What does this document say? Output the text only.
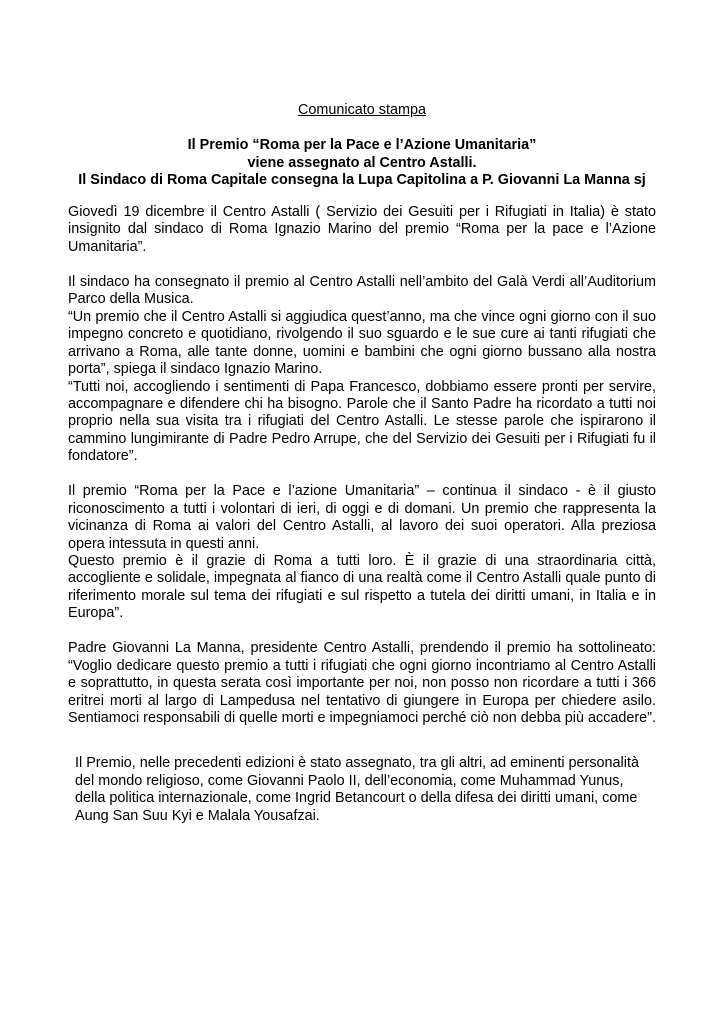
Comunicato stampa
Il Premio “Roma per la Pace e l’Azione Umanitaria”
viene assegnato al Centro Astalli.
Il Sindaco di Roma Capitale consegna la Lupa Capitolina a P. Giovanni La Manna sj

Giovedì 19 dicembre il Centro Astalli ( Servizio dei Gesuiti per i Rifugiati in Italia) è stato insignito dal sindaco di Roma Ignazio Marino del premio “Roma per la pace e l’Azione Umanitaria”.

Il sindaco ha consegnato il premio al Centro Astalli nell’ambito del Galà Verdi all’Auditorium Parco della Musica.

“Un premio che il Centro Astalli si aggiudica quest’anno, ma che vince ogni giorno con il suo impegno concreto e quotidiano, rivolgendo il suo sguardo e le sue cure ai tanti rifugiati che arrivano a Roma, alle tante donne, uomini e bambini che ogni giorno bussano alla nostra porta”, spiega il sindaco Ignazio Marino.

“Tutti noi, accogliendo i sentimenti di Papa Francesco, dobbiamo essere pronti per servire, accompagnare e difendere chi ha bisogno. Parole che il Santo Padre ha ricordato a tutti noi proprio nella sua visita tra i rifugiati del Centro Astalli. Le stesse parole che ispirarono il cammino lungimirante di Padre Pedro Arrupe, che del Servizio dei Gesuiti per i Rifugiati fu il fondatore”.

Il premio “Roma per la Pace e l’azione Umanitaria” – continua il sindaco - è il giusto riconoscimento a tutti i volontari di ieri, di oggi e di domani. Un premio che rappresenta la vicinanza di Roma ai valori del Centro Astalli, al lavoro dei suoi operatori. Alla preziosa opera intessuta in questi anni.

Questo premio è il grazie di Roma a tutti loro. È il grazie di una straordinaria città, accogliente e solidale, impegnata al fianco di una realtà come il Centro Astalli quale punto di riferimento morale sul tema dei rifugiati e sul rispetto a tutela dei diritti umani, in Italia e in Europa”.

Padre Giovanni La Manna, presidente Centro Astalli, prendendo il premio ha sottolineato: “Voglio dedicare questo premio a tutti i rifugiati che ogni giorno incontriamo al Centro Astalli e soprattutto, in questa serata così importante per noi, non posso non ricordare a tutti i 366 eritrei morti al largo di Lampedusa nel tentativo di giungere in Europa per chiedere asilo. Sentiamoci responsabili di quelle morti e impegniamoci perché ciò non debba più accadere”.

Il Premio, nelle precedenti edizioni è stato assegnato, tra gli altri, ad eminenti personalità

del mondo religioso, come Giovanni Paolo II, dell’economia, come Muhammad Yunus,

della politica internazionale, come Ingrid Betancourt o della difesa dei diritti umani, come

Aung San Suu Kyi e Malala Yousafzai.
